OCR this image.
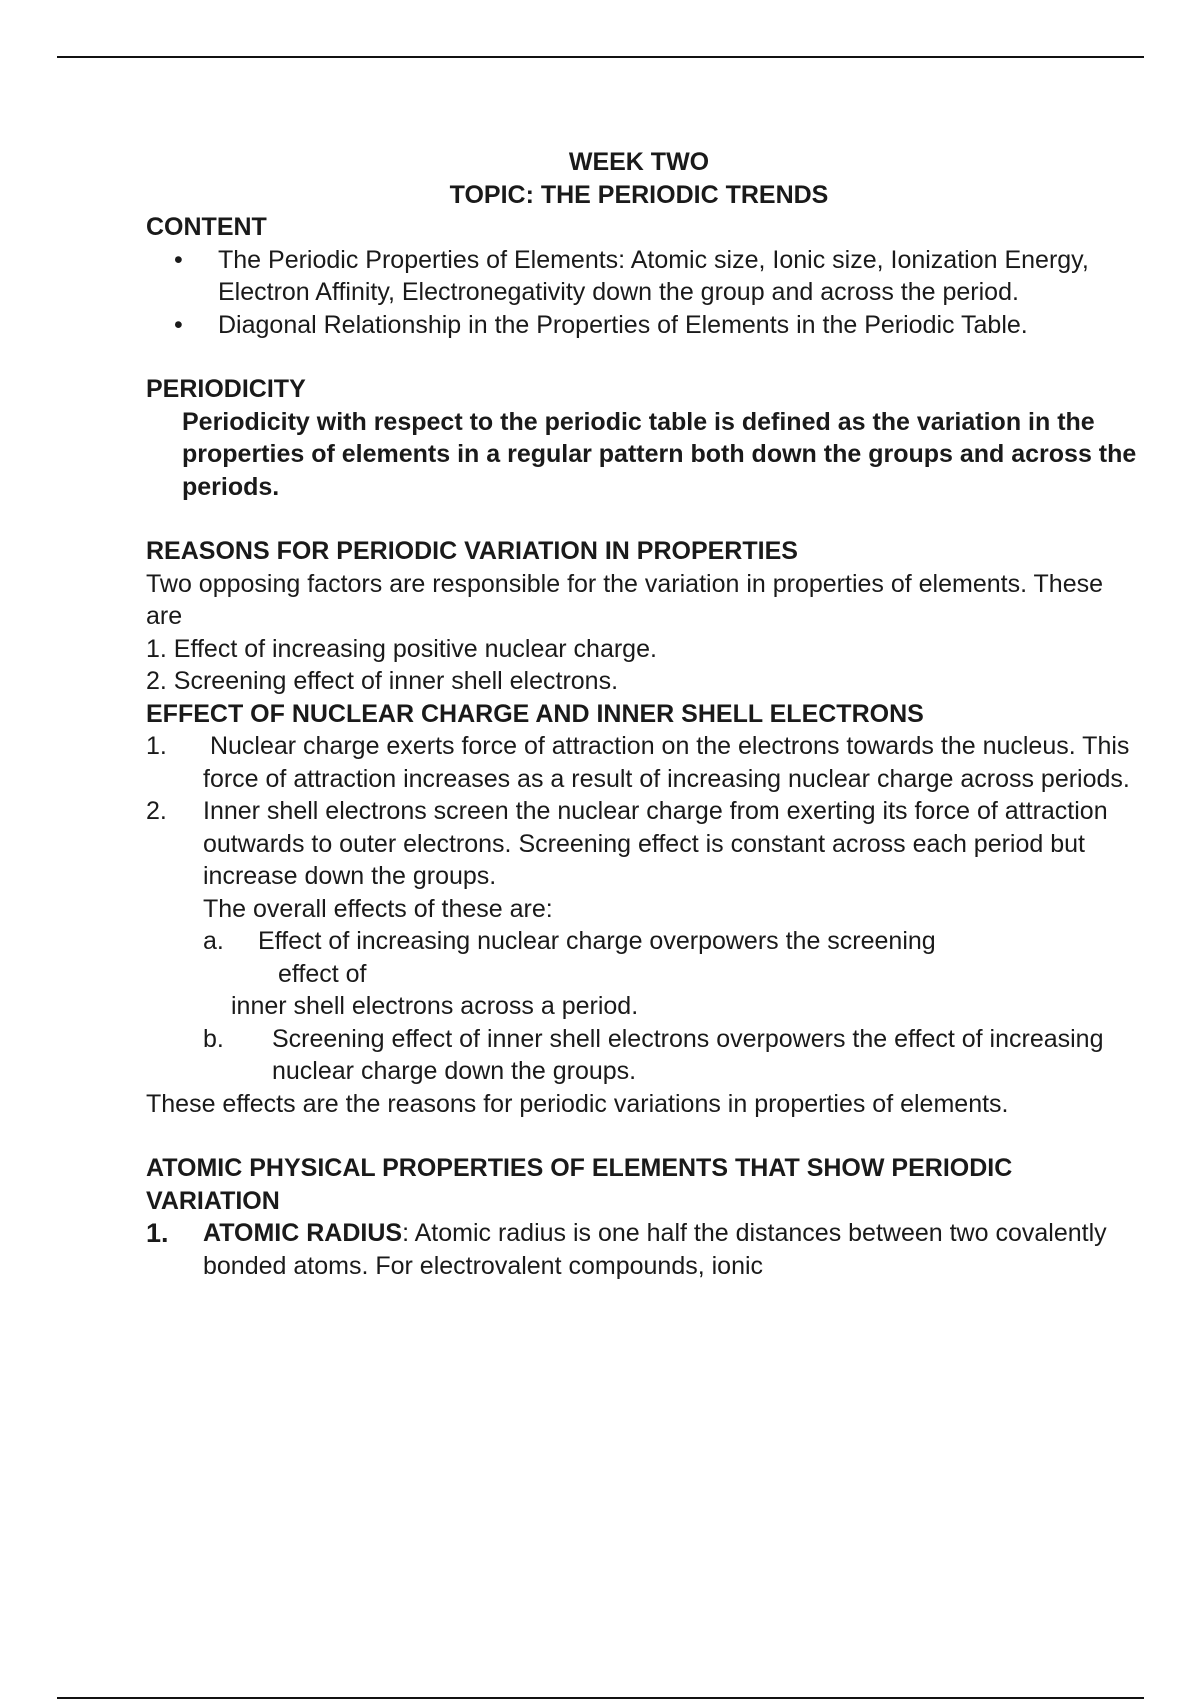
WEEK TWO
TOPIC: THE PERIODIC TRENDS
CONTENT
• The Periodic Properties of Elements: Atomic size, Ionic size, Ionization Energy, Electron Affinity, Electronegativity down the group and across the period.
• Diagonal Relationship in the Properties of Elements in the Periodic Table.
PERIODICITY
Periodicity with respect to the periodic table is defined as the variation in the properties of elements in a regular pattern both down the groups and across the periods.
REASONS FOR PERIODIC VARIATION IN PROPERTIES
Two opposing factors are responsible for the variation in properties of elements. These are
1. Effect of increasing positive nuclear charge.
2. Screening effect of inner shell electrons.
EFFECT OF NUCLEAR CHARGE AND INNER SHELL ELECTRONS
1. Nuclear charge exerts force of attraction on the electrons towards the nucleus. This force of attraction increases as a result of increasing nuclear charge across periods.
2. Inner shell electrons screen the nuclear charge from exerting its force of attraction outwards to outer electrons. Screening effect is constant across each period but increase down the groups.
The overall effects of these are:
a. Effect of increasing nuclear charge overpowers the screening
effect of
inner shell electrons across a period.
b.	Screening effect of inner shell electrons overpowers the effect of increasing nuclear charge down the groups.
These effects are the reasons for periodic variations in properties of elements.
ATOMIC PHYSICAL PROPERTIES OF ELEMENTS THAT SHOW PERIODIC VARIATION
1. ATOMIC RADIUS: Atomic radius is one half the distances between two covalently bonded atoms. For electrovalent compounds, ionic
